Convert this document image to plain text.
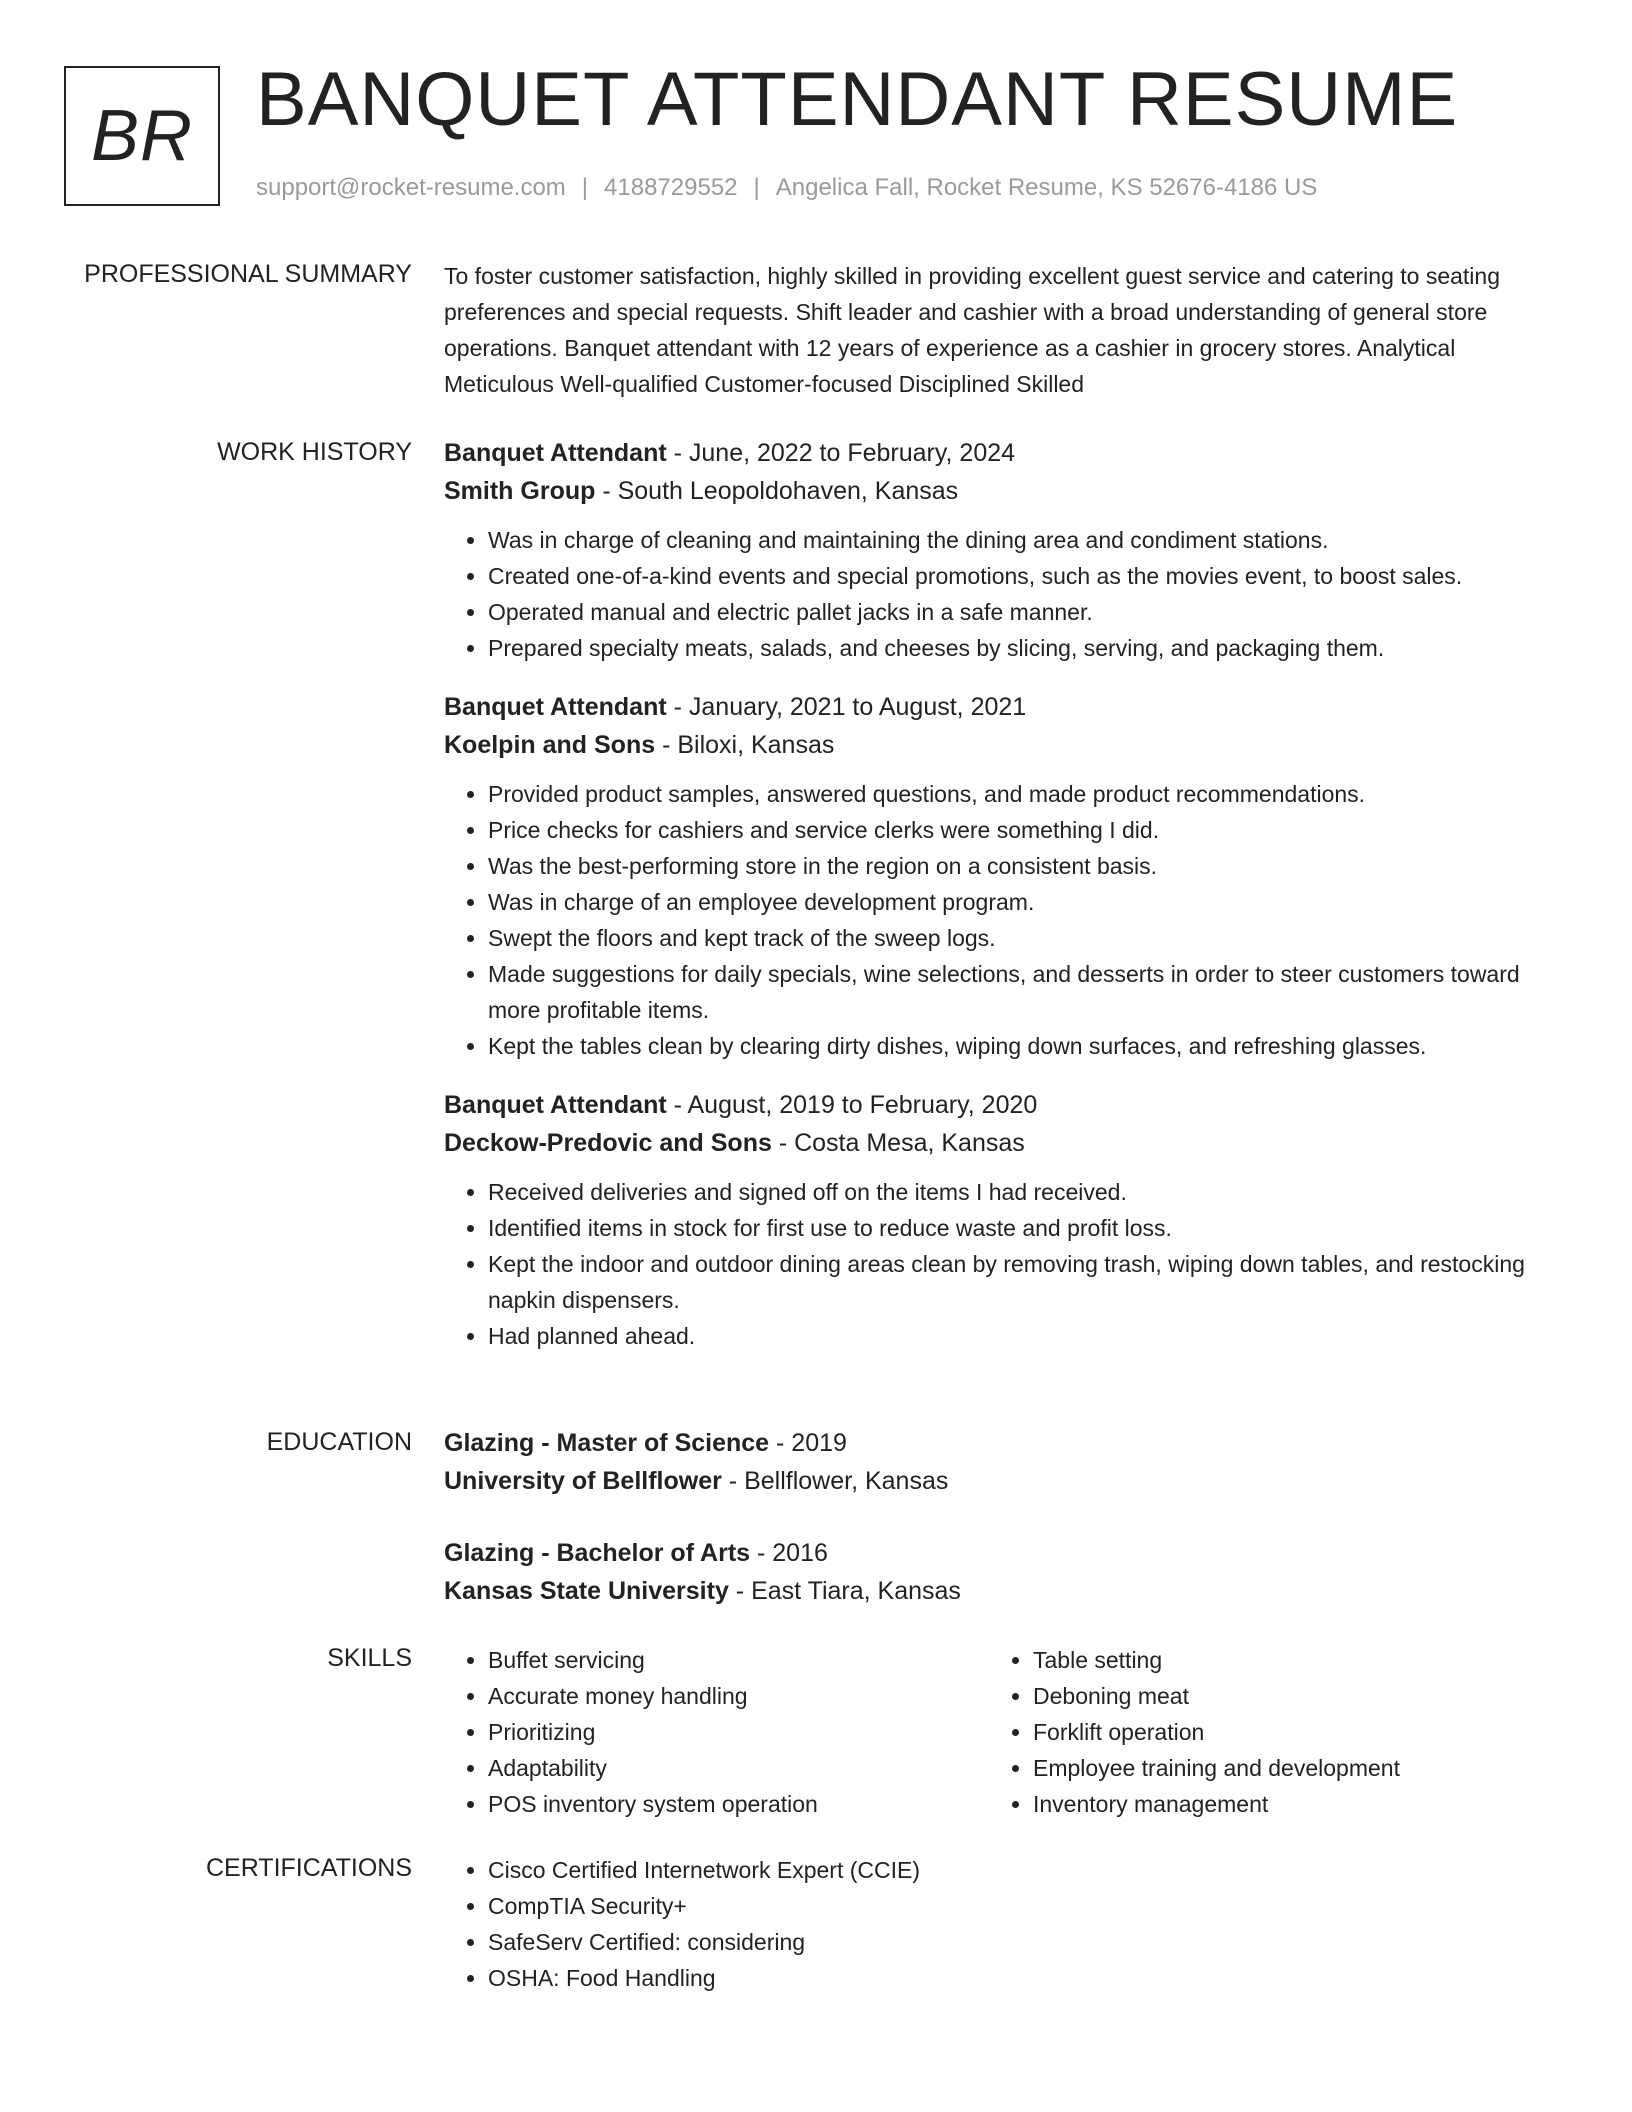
BR BANQUET ATTENDANT RESUME
support@rocket-resume.com | 4188729552 | Angelica Fall, Rocket Resume, KS 52676-4186 US
PROFESSIONAL SUMMARY To foster customer satisfaction, highly skilled in providing excellent guest service and catering to seating preferences and special requests. Shift leader and cashier with a broad understanding of general store operations. Banquet attendant with 12 years of experience as a cashier in grocery stores. Analytical Meticulous Well-qualified Customer-focused Disciplined Skilled

WORK HISTORY Banquet Attendant - June, 2022 to February, 2024

Smith Group - South Leopoldohaven, Kansas

• Was in charge of cleaning and maintaining the dining area and condiment stations.
• Created one-of-a-kind events and special promotions, such as the movies event, to boost sales.
• Operated manual and electric pallet jacks in a safe manner.
• Prepared specialty meats, salads, and cheeses by slicing, serving, and packaging them.

Banquet Attendant - January, 2021 to August, 2021

Koelpin and Sons - Biloxi, Kansas

• Provided product samples, answered questions, and made product recommendations.
• Price checks for cashiers and service clerks were something I did.
• Was the best-performing store in the region on a consistent basis.
• Was in charge of an employee development program.
• Swept the floors and kept track of the sweep logs.
• Made suggestions for daily specials, wine selections, and desserts in order to steer customers toward more profitable items.
• Kept the tables clean by clearing dirty dishes, wiping down surfaces, and refreshing glasses.

Banquet Attendant - August, 2019 to February, 2020

Deckow-Predovic and Sons - Costa Mesa, Kansas

• Received deliveries and signed off on the items I had received.
• Identified items in stock for first use to reduce waste and profit loss.
• Kept the indoor and outdoor dining areas clean by removing trash, wiping down tables, and restocking napkin dispensers.
• Had planned ahead.
EDUCATION Glazing - Master of Science - 2019

University of Bellflower - Bellflower, Kansas

Glazing - Bachelor of Arts - 2016

Kansas State University - East Tiara, Kansas

SKILLS	• Buffet servicing
• Accurate money handling
• Prioritizing
• Adaptability
• POS inventory system operation
• Table setting
• Deboning meat
• Forklift operation
• Employee training and development
• Inventory management
CERTIFICATIONS	• Cisco Certified Internetwork Expert (CCIE)
• CompTIA Security+
• SafeServ Certified: considering
• OSHA: Food Handling
